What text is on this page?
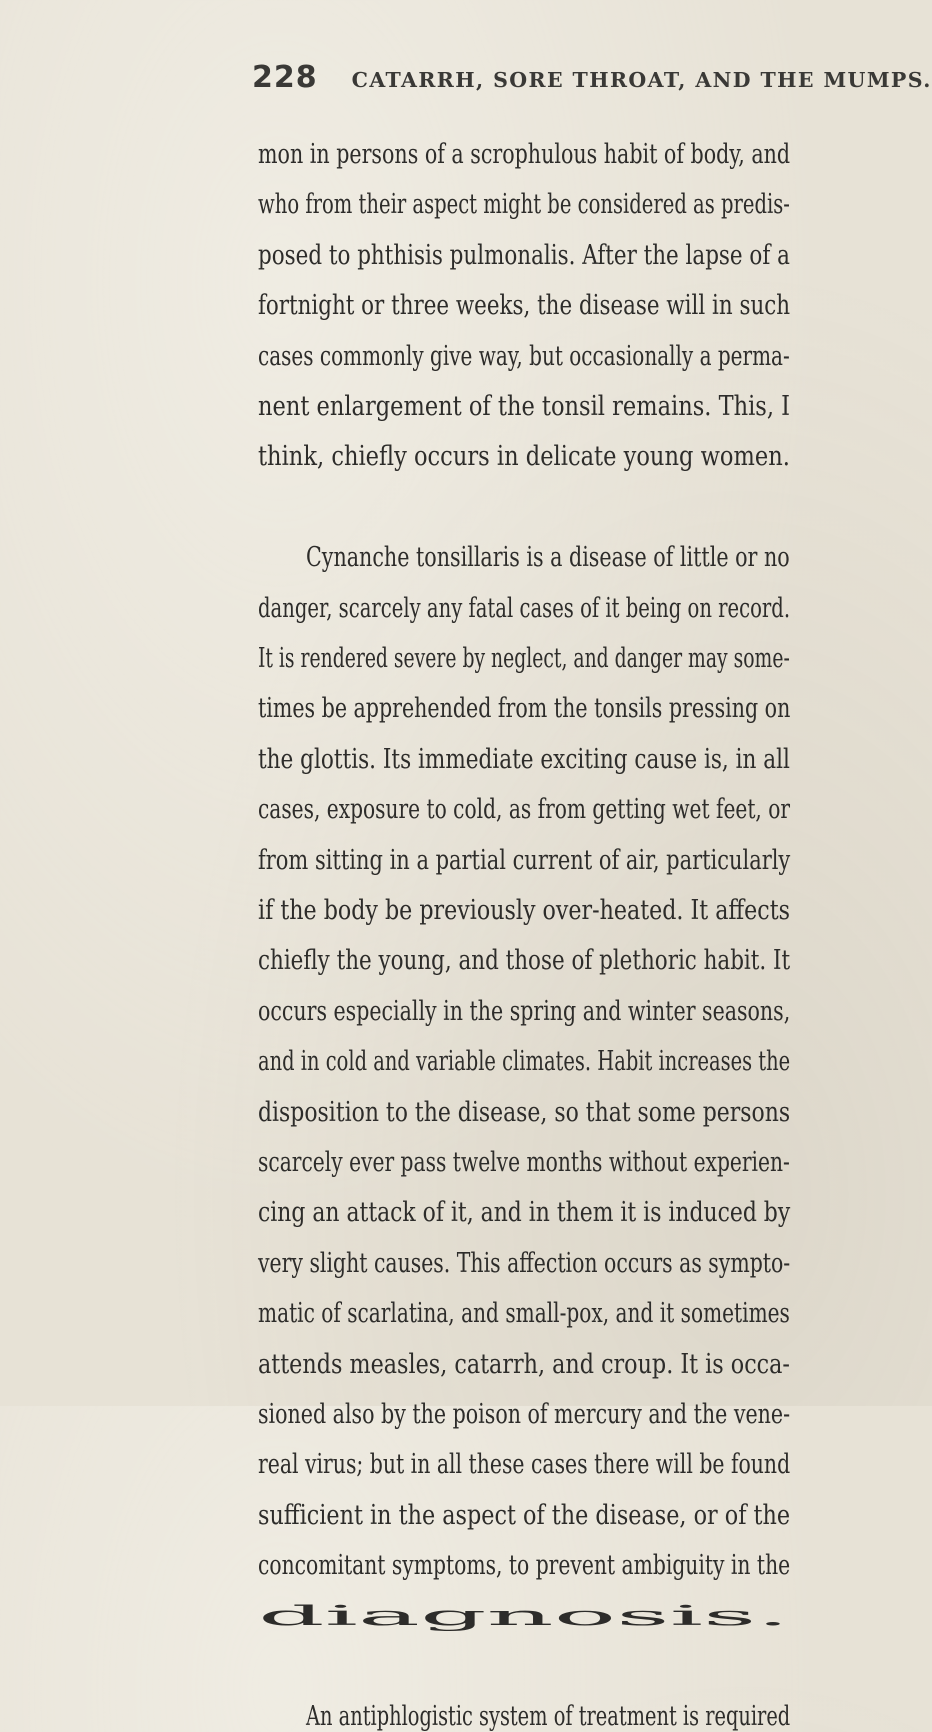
228 CATARRH, SORE THROAT, AND THE MUMPS.
mon in persons of a scrophulous habit of body, and
who from their aspect might be considered as predis-
posed to phthisis pulmonalis. After the lapse of a
fortnight or three weeks, the disease will in such
cases commonly give way, but occasionally a perma-
nent enlargement of the tonsil remains. This, I
think, chiefly occurs in delicate young women.
Cynanche tonsillaris is a disease of little or no
danger, scarcely any fatal cases of it being on record.
It is rendered severe by neglect, and danger may some-
times be apprehended from the tonsils pressing on
the glottis. Its immediate exciting cause is, in all
cases, exposure to cold, as from getting wet feet, or
from sitting in a partial current of air, particularly
if the body be previously over-heated. It affects
chiefly the young, and those of plethoric habit. It
occurs especially in the spring and winter seasons,
and in cold and variable climates. Habit increases the
disposition to the disease, so that some persons
scarcely ever pass twelve months without experien-
cing an attack of it, and in them it is induced by
very slight causes. This affection occurs as sympto-
matic of scarlatina, and small-pox, and it sometimes
attends measles, catarrh, and croup. It is occa-
sioned also by the poison of mercury and the vene-
real virus; but in all these cases there will be found
sufficient in the aspect of the disease, or of the
concomitant symptoms, to prevent ambiguity in the
diagnosis.
An antiphlogistic system of treatment is required
